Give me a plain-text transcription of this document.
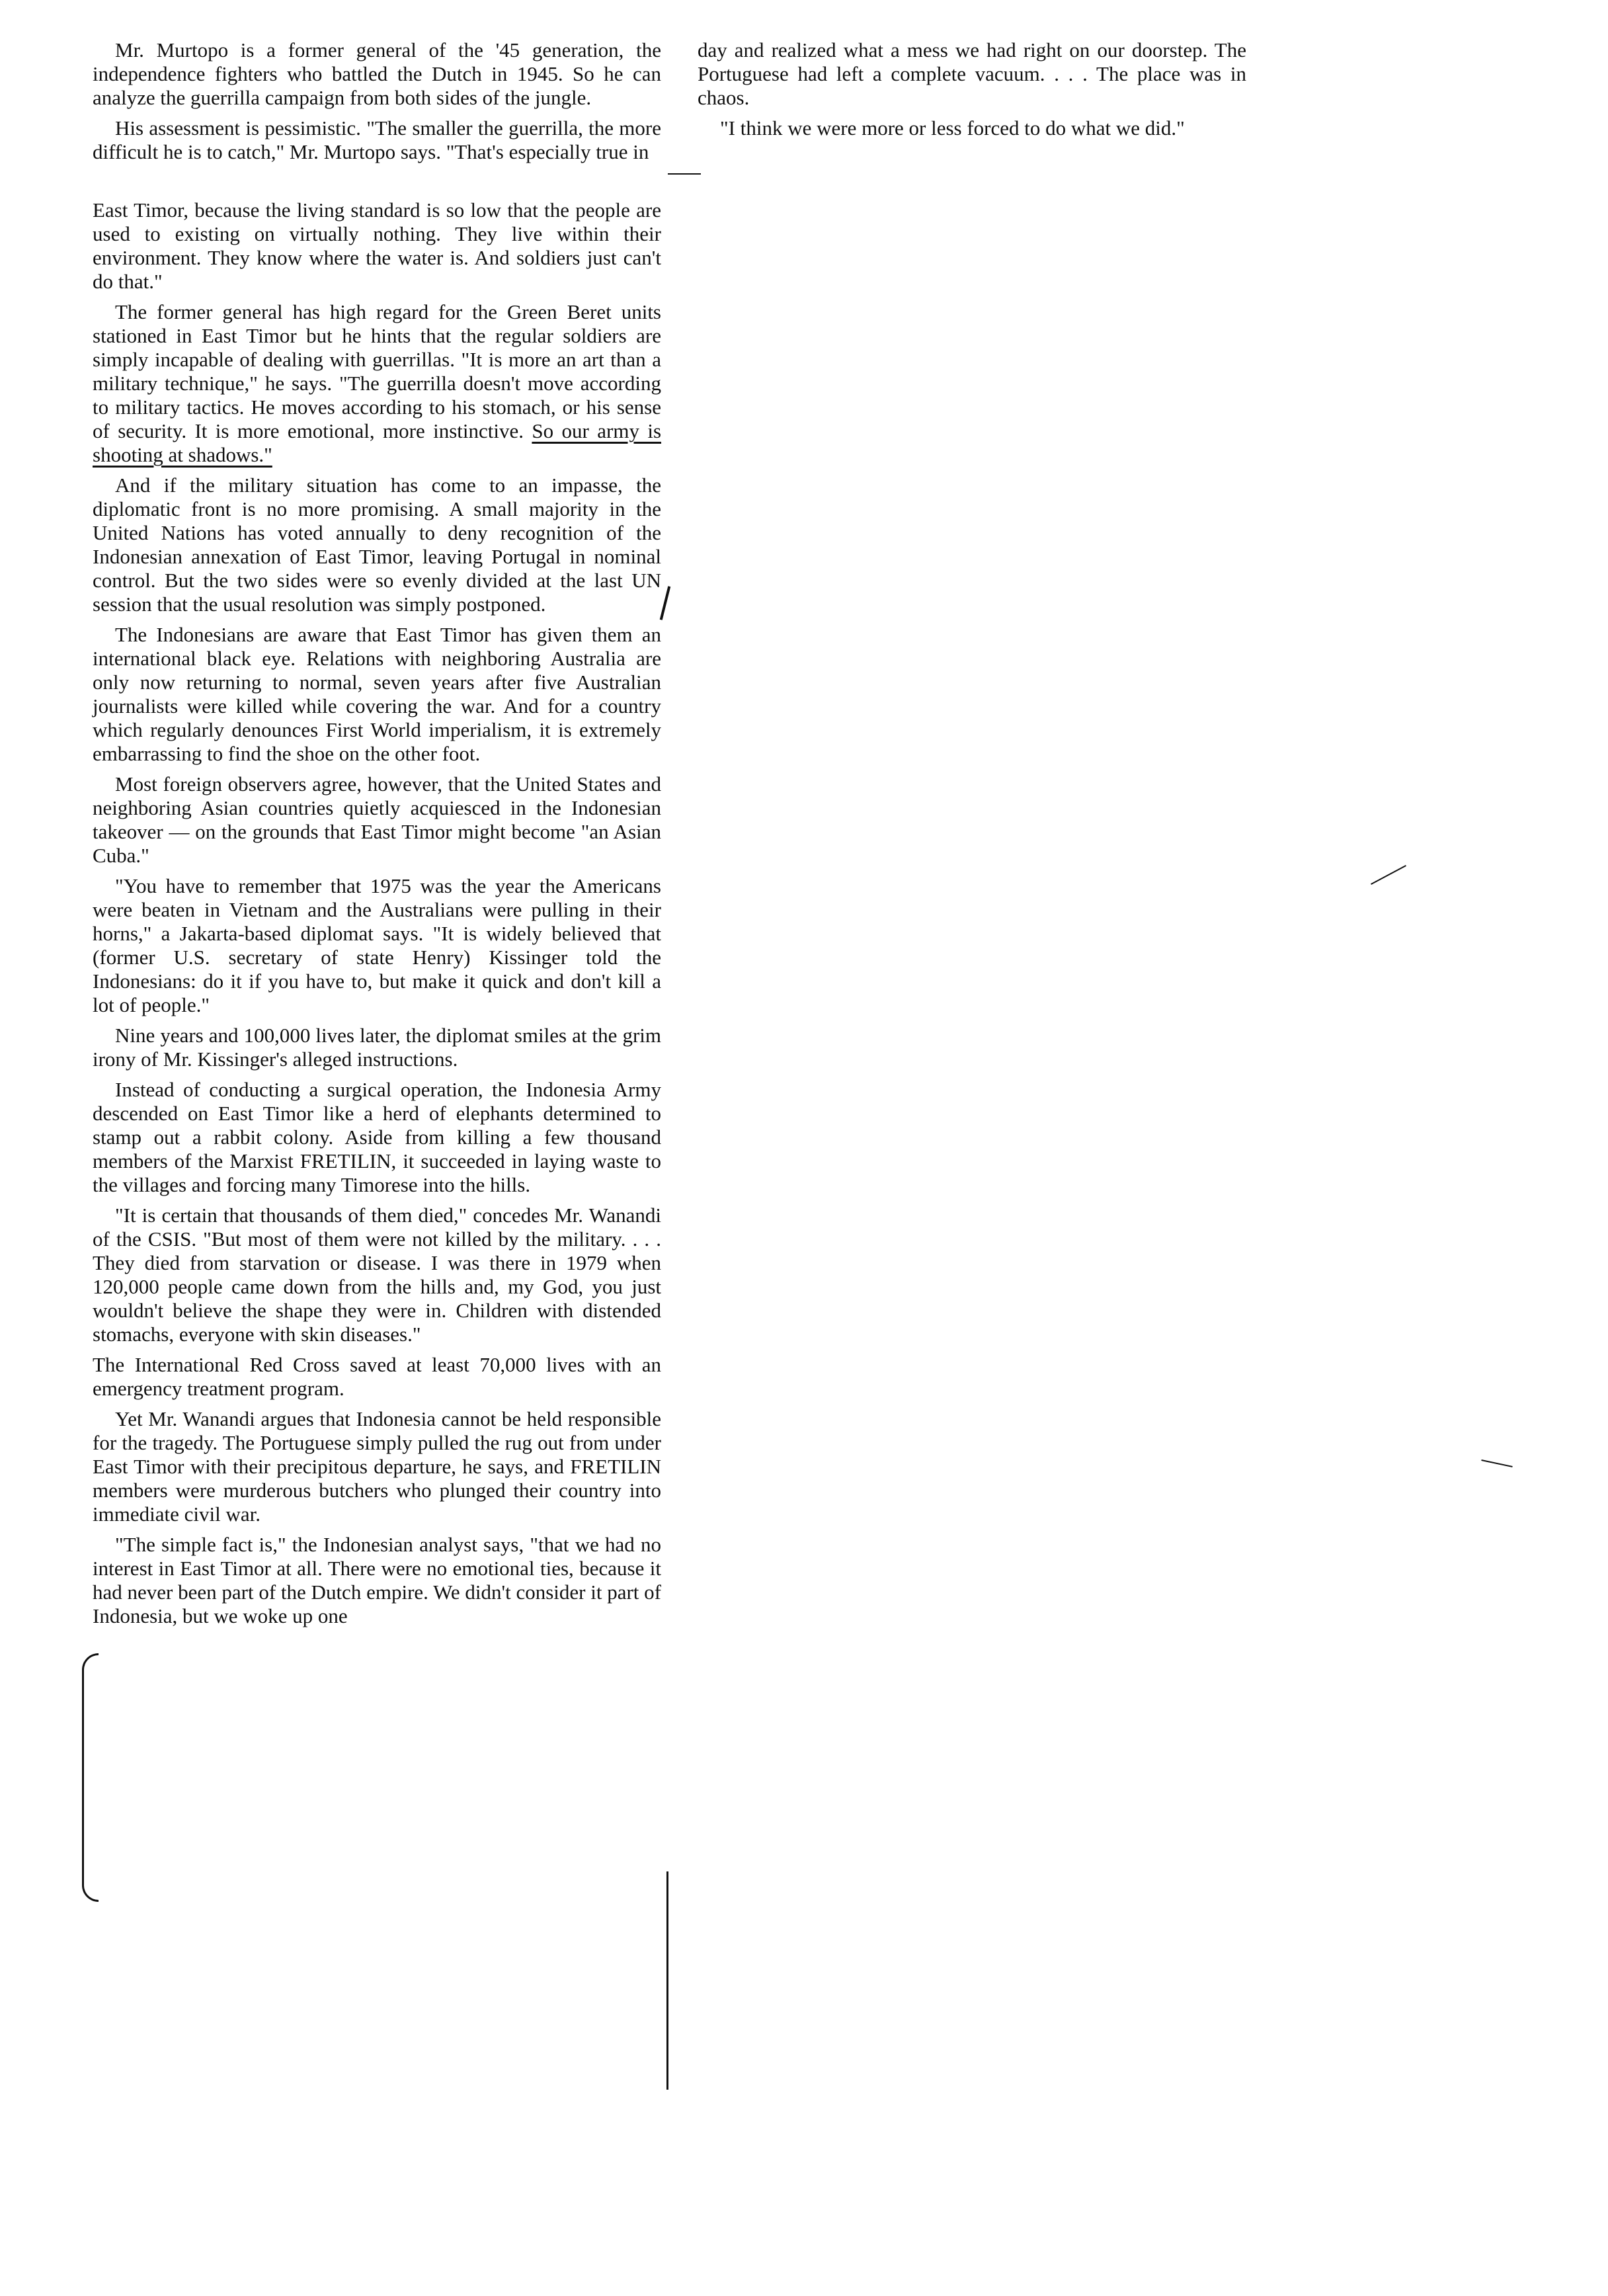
Mr. Murtopo is a former general of the '45 generation, the independence fighters who battled the Dutch in 1945. So he can analyze the guerrilla campaign from both sides of the jungle.

His assessment is pessimistic. "The smaller the guerrilla, the more difficult he is to catch," Mr. Murtopo says. "That's especially true in

East Timor, because the living standard is so low that the people are used to existing on virtually nothing. They live within their environment. They know where the water is. And soldiers just can't do that."

The former general has high regard for the Green Beret units stationed in East Timor but he hints that the regular soldiers are simply incapable of dealing with guerrillas. "It is more an art than a military technique," he says. "The guerrilla doesn't move according to military tactics. He moves according to his stomach, or his sense of security. It is more emotional, more instinctive. So our army is shooting at shadows."

And if the military situation has come to an impasse, the diplomatic front is no more promising. A small majority in the United Nations has voted annually to deny recognition of the Indonesian annexation of East Timor, leaving Portugal in nominal control. But the two sides were so evenly divided at the last UN session that the usual resolution was simply postponed.

The Indonesians are aware that East Timor has given them an international black eye. Relations with neighboring Australia are only now returning to normal, seven years after five Australian journalists were killed while covering the war. And for a country which regularly denounces First World imperialism, it is extremely embarrassing to find the shoe on the other foot.

Most foreign observers agree, however, that the United States and neighboring Asian countries quietly acquiesced in the Indonesian takeover — on the grounds that East Timor might become "an Asian Cuba."

"You have to remember that 1975 was the year the Americans were beaten in Vietnam and the Australians were pulling in their horns," a Jakarta-based diplomat says. "It is widely believed that (former U.S. secretary of state Henry) Kissinger told the Indonesians: do it if you have to, but make it quick and don't kill a lot of people."

Nine years and 100,000 lives later, the diplomat smiles at the grim irony of Mr. Kissinger's alleged instructions.

Instead of conducting a surgical operation, the Indonesia Army descended on East Timor like a herd of elephants determined to stamp out a rabbit colony. Aside from killing a few thousand members of the Marxist FRETILIN, it succeeded in laying waste to the villages and forcing many Timorese into the hills.

"It is certain that thousands of them died," concedes Mr. Wanandi of the CSIS. "But most of them were not killed by the military. . . . They died from starvation or disease. I was there in 1979 when 120,000 people came down from the hills and, my God, you just wouldn't believe the shape they were in. Children with distended stomachs, everyone with skin diseases."

The International Red Cross saved at least 70,000 lives with an emergency treatment program.

Yet Mr. Wanandi argues that Indonesia cannot be held responsible for the tragedy. The Portuguese simply pulled the rug out from under East Timor with their precipitous departure, he says, and FRETILIN members were murderous butchers who plunged their country into immediate civil war.

"The simple fact is," the Indonesian analyst says, "that we had no interest in East Timor at all. There were no emotional ties, because it had never been part of the Dutch empire. We didn't consider it part of Indonesia, but we woke up one

day and realized what a mess we had right on our doorstep. The Portuguese had left a complete vacuum. . . . The place was in chaos.

"I think we were more or less forced to do what we did."
